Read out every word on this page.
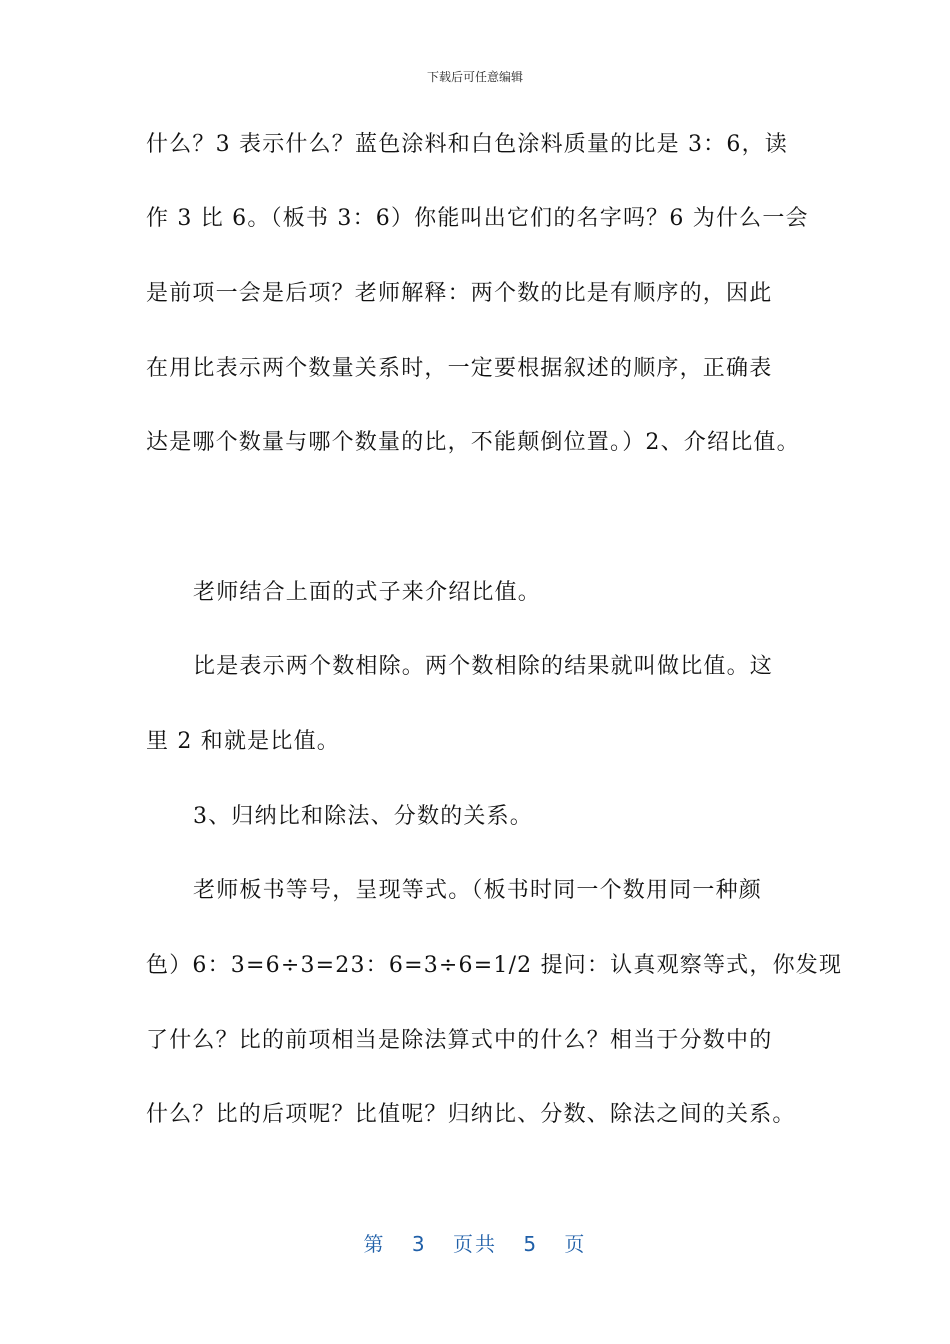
下载后可任意编辑
什么？3 表示什么？蓝色涂料和白色涂料质量的比是 3：6，读
作 3 比 6。（板书 3：6）你能叫出它们的名字吗？6 为什么一会
是前项一会是后项？老师解释：两个数的比是有顺序的，因此
在用比表示两个数量关系时，一定要根据叙述的顺序，正确表
达是哪个数量与哪个数量的比，不能颠倒位置。）2、介绍比值。
老师结合上面的式子来介绍比值。
比是表示两个数相除。两个数相除的结果就叫做比值。这
里 2 和就是比值。
3、归纳比和除法、分数的关系。
老师板书等号，呈现等式。（板书时同一个数用同一种颜
色）6：3=6÷3=23：6=3÷6=1/2 提问：认真观察等式，你发现
了什么？比的前项相当是除法算式中的什么？相当于分数中的
什么？比的后项呢？比值呢？归纳比、分数、除法之间的关系。
第 3 页共 5 页
